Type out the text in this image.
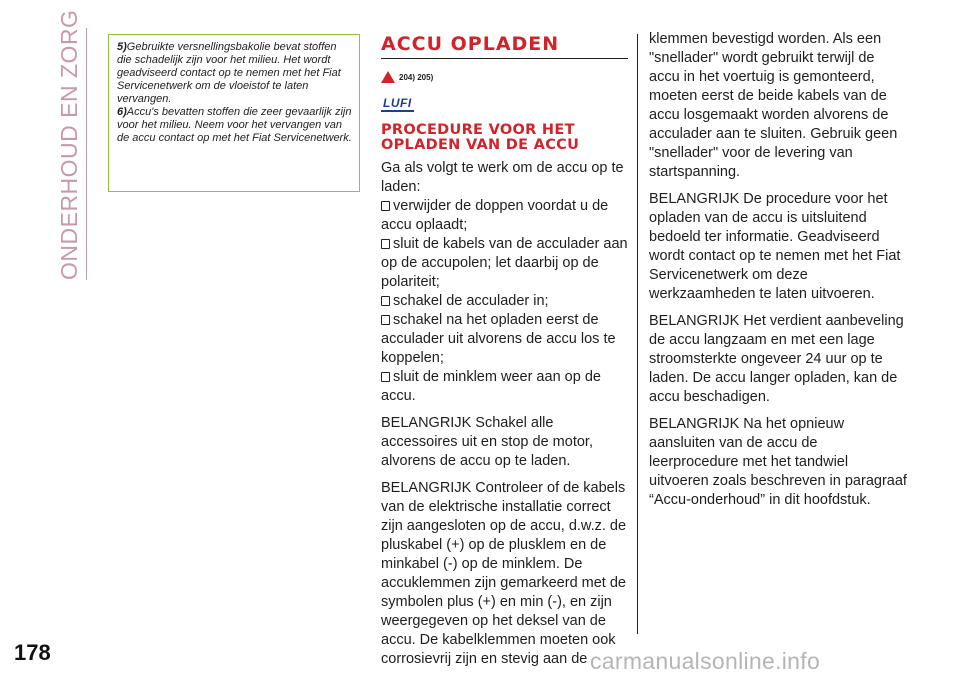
ONDERHOUD EN ZORG
178

5)Gebruikte versnellingsbakolie bevat stoffen die schadelijk zijn voor het milieu. Het wordt geadviseerd contact op te nemen met het Fiat Servicenetwerk om de vloeistof te laten vervangen.

6)Accu's bevatten stoffen die zeer gevaarlijk zijn voor het milieu. Neem voor het vervangen van de accu contact op met het Fiat Servicenetwerk.

ACCU OPLADEN
204) 205)
LUFI
PROCEDURE VOOR HET OPLADEN VAN DE ACCU
Ga als volgt te werk om de accu op te laden:
verwijder de doppen voordat u de accu oplaadt;
sluit de kabels van de acculader aan op de accupolen; let daarbij op de polariteit;
schakel de acculader in;
schakel na het opladen eerst de acculader uit alvorens de accu los te koppelen;

sluit de minklem weer aan op de accu.

BELANGRIJK Schakel alle accessoires uit en stop de motor, alvorens de accu op te laden.

BELANGRIJK Controleer of de kabels van de elektrische installatie correct zijn aangesloten op de accu, d.w.z. de pluskabel (+) op de plusklem en de minkabel (-) op de minklem. De accuklemmen zijn gemarkeerd met de symbolen plus (+) en min (-), en zijn weergegeven op het deksel van de accu. De kabelklemmen moeten ook corrosievrij zijn en stevig aan de

klemmen bevestigd worden. Als een "snellader" wordt gebruikt terwijl de accu in het voertuig is gemonteerd, moeten eerst de beide kabels van de accu losgemaakt worden alvorens de acculader aan te sluiten. Gebruik geen "snellader" voor de levering van startspanning.

BELANGRIJK De procedure voor het opladen van de accu is uitsluitend bedoeld ter informatie. Geadviseerd wordt contact op te nemen met het Fiat Servicenetwerk om deze werkzaamheden te laten uitvoeren.

BELANGRIJK Het verdient aanbeveling de accu langzaam en met een lage stroomsterkte ongeveer 24 uur op te laden. De accu langer opladen, kan de accu beschadigen.

BELANGRIJK Na het opnieuw aansluiten van de accu de leerprocedure met het tandwiel uitvoeren zoals beschreven in paragraaf “Accu-onderhoud” in dit hoofdstuk.

carmanualsonline.info
